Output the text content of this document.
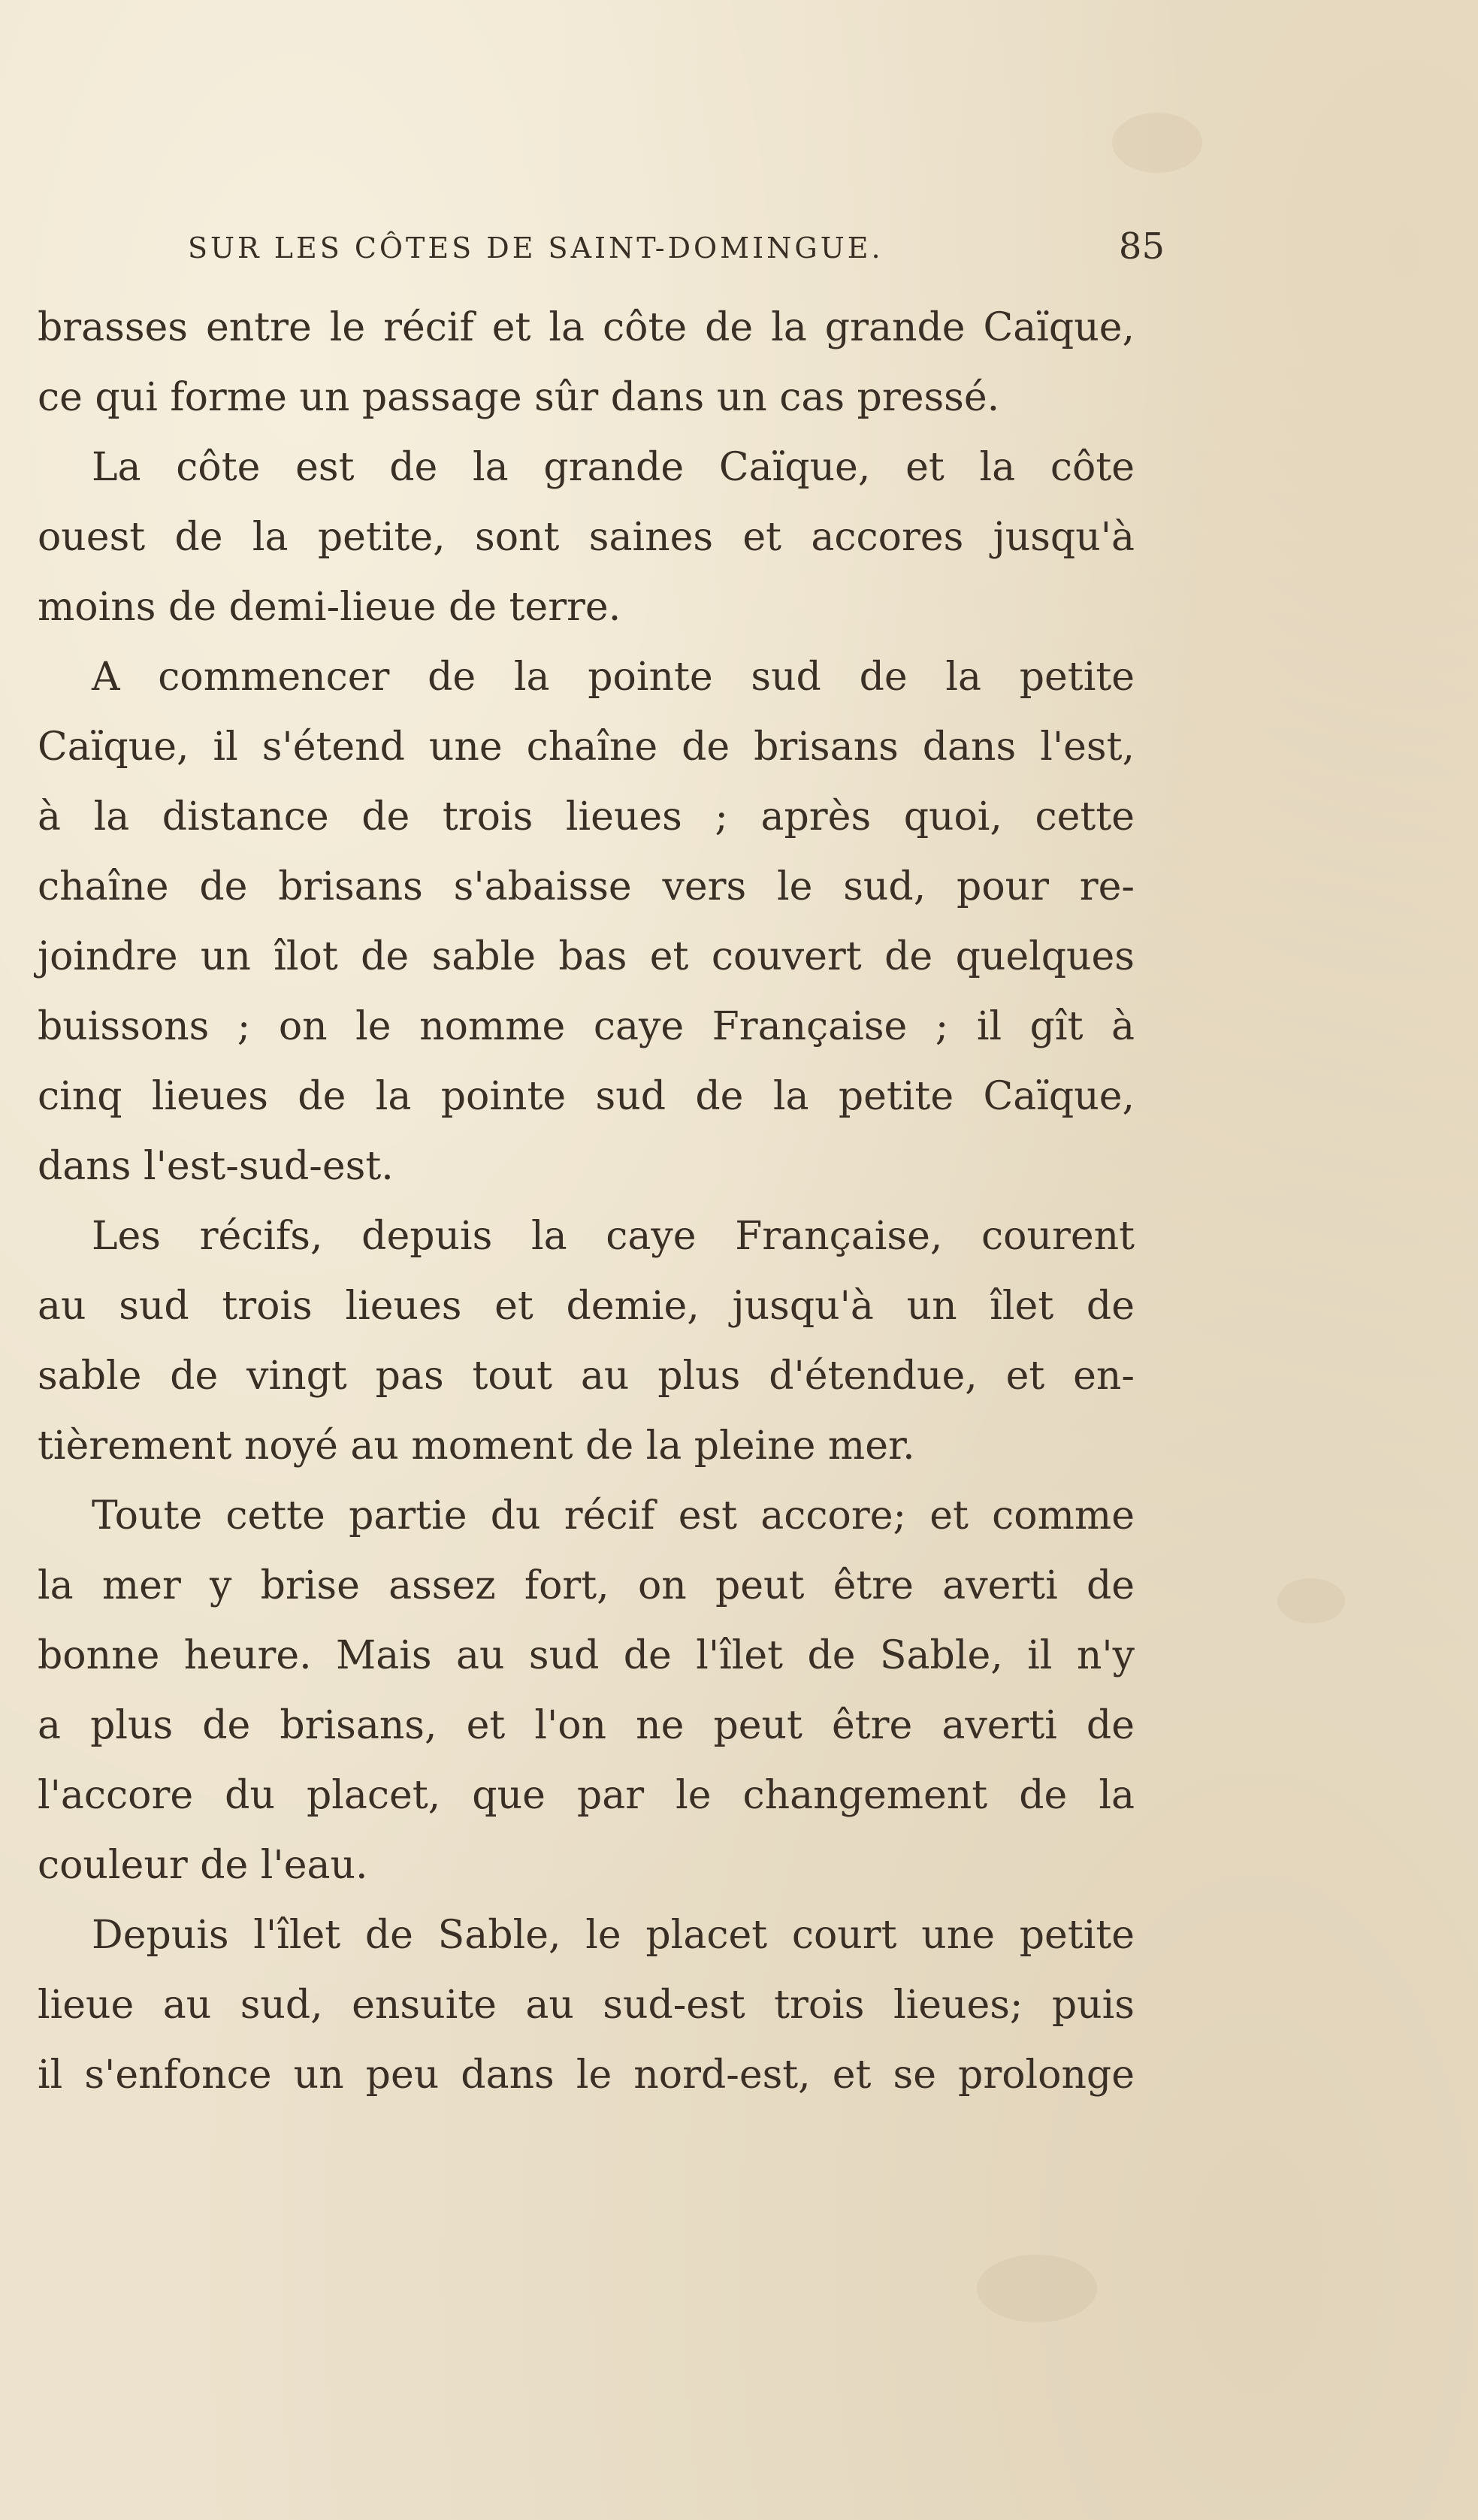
SUR LES CÔTES DE SAINT-DOMINGUE.	85
brasses entre le récif et la côte de la grande Caïque,
ce qui forme un passage sûr dans un cas pressé.
La côte est de la grande Caïque, et la côte
ouest de la petite, sont saines et accores jusqu'à
moins de demi-lieue de terre.
A commencer de la pointe sud de la petite
Caïque, il s'étend une chaîne de brisans dans l'est,
à la distance de trois lieues ; après quoi, cette
chaîne de brisans s'abaisse vers le sud, pour re-
joindre un îlot de sable bas et couvert de quelques
buissons ; on le nomme caye Française ; il gît à
cinq lieues de la pointe sud de la petite Caïque,
dans l'est-sud-est.
Les récifs, depuis la caye Française, courent
au sud trois lieues et demie, jusqu'à un îlet de
sable de vingt pas tout au plus d'étendue, et en-
tièrement noyé au moment de la pleine mer.
Toute cette partie du récif est accore; et comme
la mer y brise assez fort, on peut être averti de
bonne heure. Mais au sud de l'îlet de Sable, il n'y
a plus de brisans, et l'on ne peut être averti de
l'accore du placet, que par le changement de la
couleur de l'eau.
Depuis l'îlet de Sable, le placet court une petite
lieue au sud, ensuite au sud-est trois lieues; puis
il s'enfonce un peu dans le nord-est, et se prolonge
